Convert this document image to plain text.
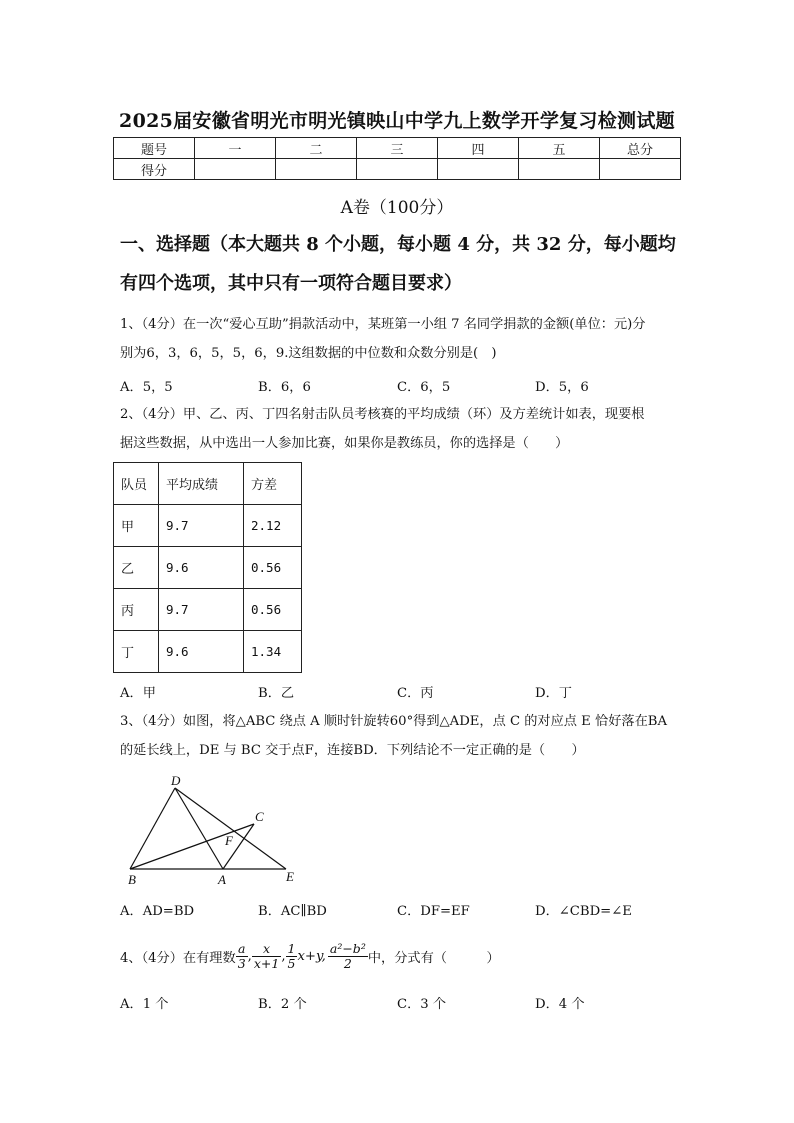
2025届安徽省明光市明光镇映山中学九上数学开学复习检测试题
题号	一	二	三	四	五	总分
得分						
A卷（100分）
一、选择题（本大题共 8 个小题，每小题 4 分，共 32 分，每小题均
有四个选项，其中只有一项符合题目要求）
1、（4分）在一次“爱心互助”捐款活动中，某班第一小组 7 名同学捐款的金额(单位：元)分
别为6，3，6，5，5，6，9.这组数据的中位数和众数分别是(　)
A．5，5	B．6，6	C．6，5	D．5，6
2、（4分）甲、乙、丙、丁四名射击队员考核赛的平均成绩（环）及方差统计如表，现要根
据这些数据，从中选出一人参加比赛，如果你是教练员，你的选择是（　　）
队员	平均成绩	方差
甲	9.7	2.12
乙	9.6	0.56
丙	9.7	0.56
丁	9.6	1.34
A．甲	B．乙	C．丙	D．丁
3、（4分）如图，将△ABC 绕点 A 顺时针旋转60°得到△ADE，点 C 的对应点 E 恰好落在BA
的延长线上，DE 与 BC 交于点F，连接BD．下列结论不一定正确的是（　　）
D
C
F
B	A	E
A．AD=BD	B．AC∥BD	C．DF=EF	D．∠CBD=∠E
4、（4分）在有理数 $\frac{a}{3}$ , $\frac{x}{x+1}$ , $\frac{1}{5} x+y$, $\frac{\text{a²−b²}}{2}$ 中，分式有（　　　）
A．1 个	B．2 个	C．3 个	D．4 个
